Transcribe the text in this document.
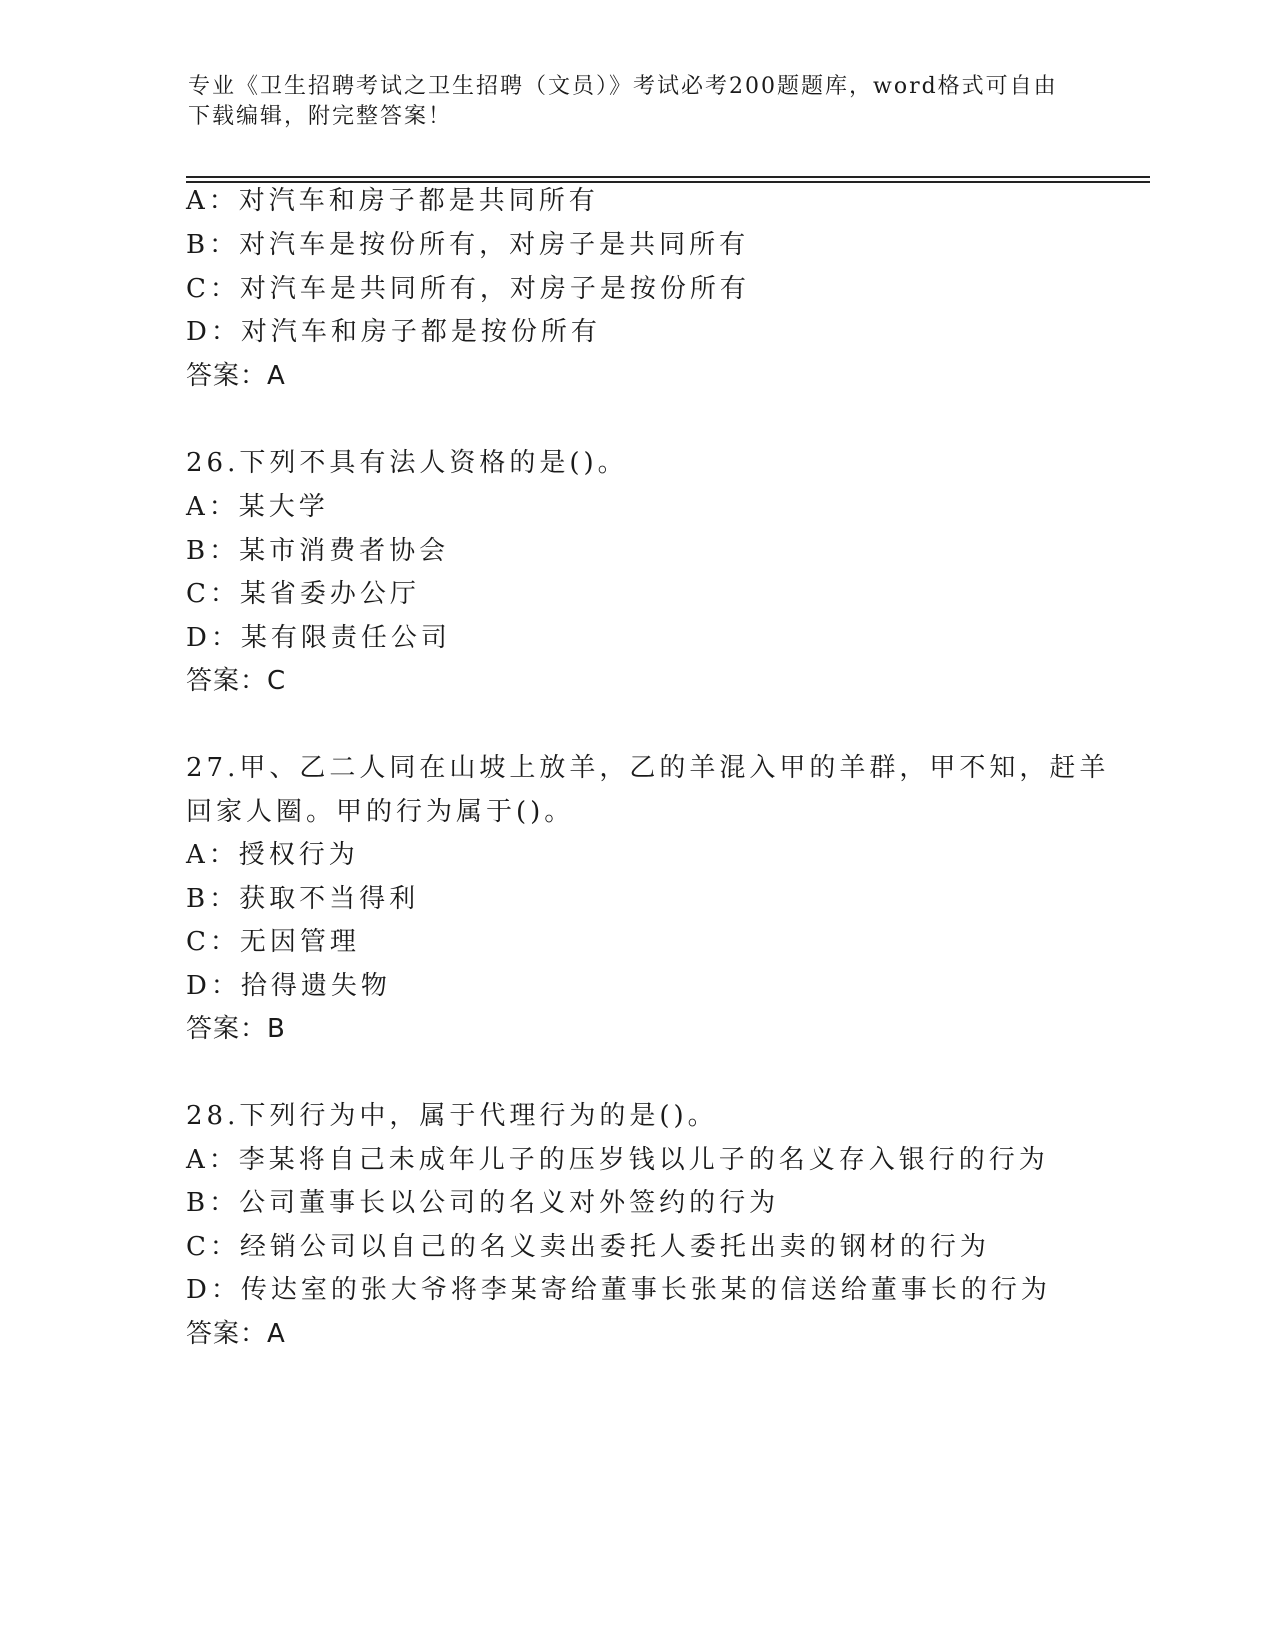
专业《卫生招聘考试之卫生招聘（文员）》考试必考200题题库，word格式可自由下载编辑，附完整答案！

A：对汽车和房子都是共同所有

B：对汽车是按份所有，对房子是共同所有

C：对汽车是共同所有，对房子是按份所有

D：对汽车和房子都是按份所有

答案：A

26.下列不具有法人资格的是()。

A：某大学

B：某市消费者协会

C：某省委办公厅

D：某有限责任公司

答案：C

27.甲、乙二人同在山坡上放羊，乙的羊混入甲的羊群，甲不知，赶羊

回家人圈。甲的行为属于()。

A：授权行为

B：获取不当得利

C：无因管理

D：拾得遗失物

答案：B

28.下列行为中，属于代理行为的是()。

A：李某将自己未成年儿子的压岁钱以儿子的名义存入银行的行为

B：公司董事长以公司的名义对外签约的行为

C：经销公司以自己的名义卖出委托人委托出卖的钢材的行为

D：传达室的张大爷将李某寄给董事长张某的信送给董事长的行为

答案：A
